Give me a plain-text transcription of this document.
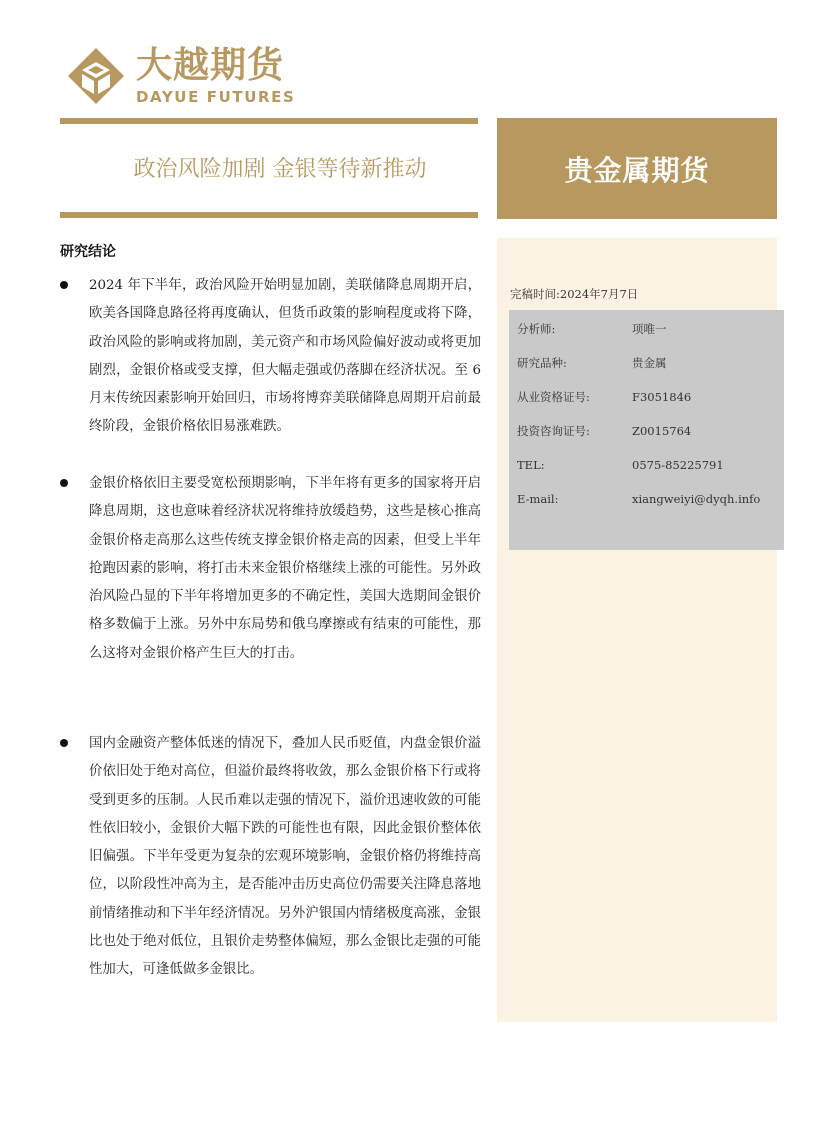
大越期货
DAYUE FUTURES
政治风险加剧 金银等待新推动	贵金属期货
完稿时间:2024年7月7日
分析师:	项唯一
研究品种:	贵金属
从业资格证号:	F3051846
投资咨询证号:	Z0015764
TEL:	0575-85225791
E-mail:	xiangweiyi@dyqh.info
研究结论
2024 年下半年，政治风险开始明显加剧，美联储降息周期开启，欧美各国降息路径将再度确认，但货币政策的影响程度或将下降，政治风险的影响或将加剧，美元资产和市场风险偏好波动或将更加剧烈，金银价格或受支撑，但大幅走强或仍落脚在经济状况。至 6 月末传统因素影响开始回归，市场将博弈美联储降息周期开启前最终阶段，金银价格依旧易涨难跌。
金银价格依旧主要受宽松预期影响，下半年将有更多的国家将开启降息周期，这也意味着经济状况将维持放缓趋势，这些是核心推高金银价格走高那么这些传统支撑金银价格走高的因素，但受上半年抢跑因素的影响，将打击未来金银价格继续上涨的可能性。另外政治风险凸显的下半年将增加更多的不确定性，美国大选期间金银价格多数偏于上涨。另外中东局势和俄乌摩擦或有结束的可能性，那么这将对金银价格产生巨大的打击。
国内金融资产整体低迷的情况下，叠加人民币贬值，内盘金银价溢价依旧处于绝对高位，但溢价最终将收敛，那么金银价格下行或将受到更多的压制。人民币难以走强的情况下，溢价迅速收敛的可能性依旧较小，金银价大幅下跌的可能性也有限，因此金银价整体依旧偏强。下半年受更为复杂的宏观环境影响，金银价格仍将维持高位，以阶段性冲高为主，是否能冲击历史高位仍需要关注降息落地前情绪推动和下半年经济情况。另外沪银国内情绪极度高涨，金银比也处于绝对低位，且银价走势整体偏短，那么金银比走强的可能性加大，可逢低做多金银比。
